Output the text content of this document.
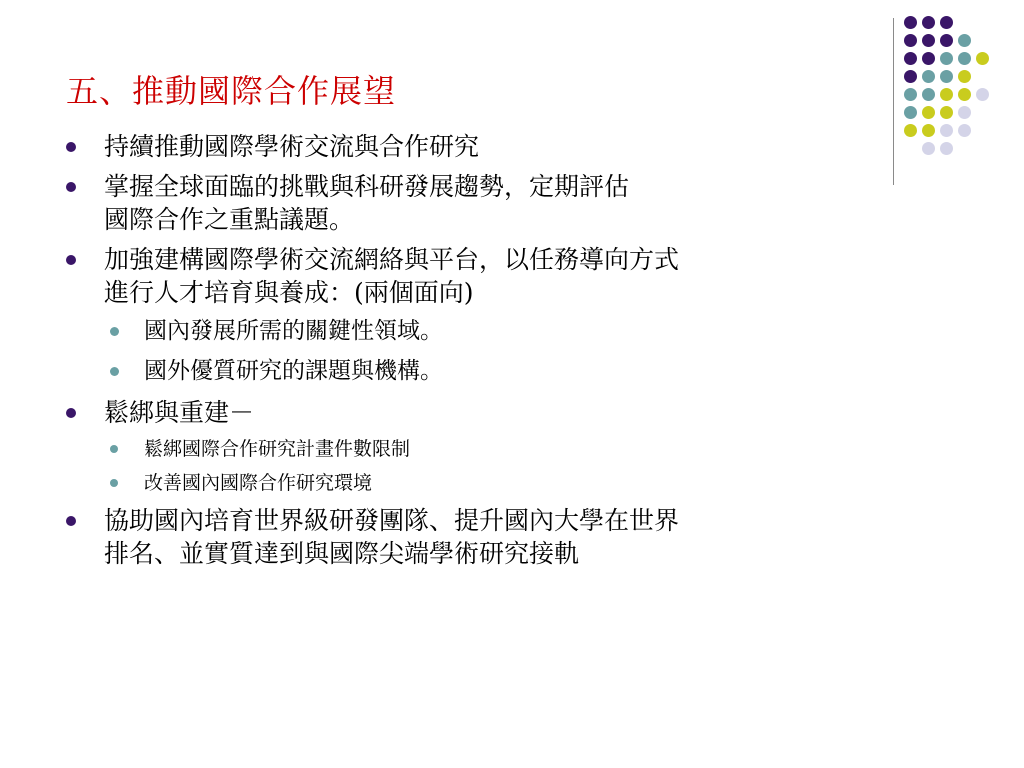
五、推動國際合作展望
持續推動國際學術交流與合作研究
掌握全球面臨的挑戰與科研發展趨勢，定期評估
國際合作之重點議題。
加強建構國際學術交流網絡與平台，以任務導向方式
進行人才培育與養成：(兩個面向)
國內發展所需的關鍵性領域。
國外優質研究的課題與機構。
鬆綁與重建－
鬆綁國際合作研究計畫件數限制
改善國內國際合作研究環境
協助國內培育世界級研發團隊、提升國內大學在世界
排名、並實質達到與國際尖端學術研究接軌
